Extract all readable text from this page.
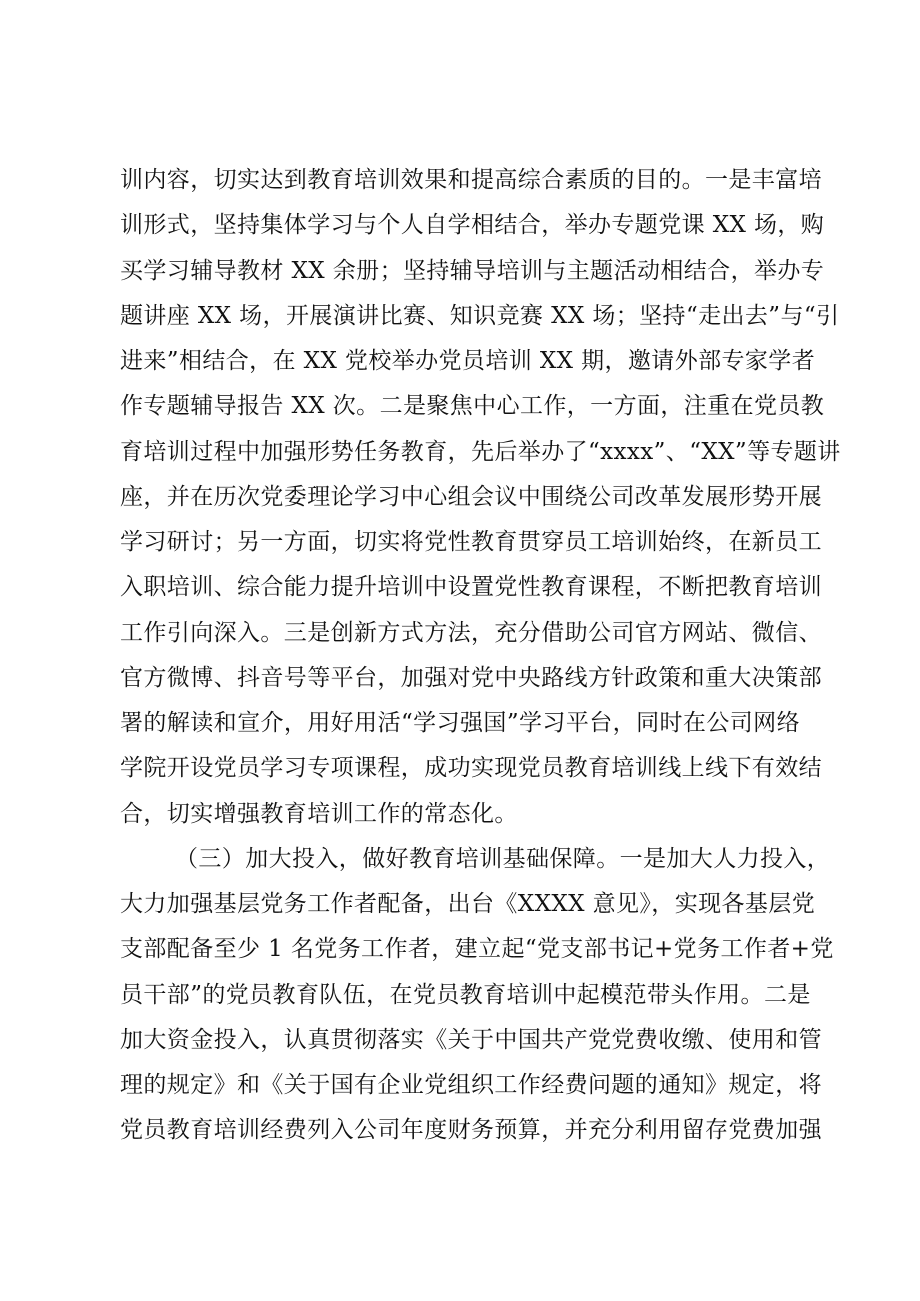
训内容，切实达到教育培训效果和提高综合素质的目的。一是丰富培
训形式，坚持集体学习与个人自学相结合，举办专题党课 XX 场，购
买学习辅导教材 XX 余册；坚持辅导培训与主题活动相结合，举办专
题讲座 XX 场，开展演讲比赛、知识竞赛 XX 场；坚持“走出去”与“引
进来”相结合，在 XX 党校举办党员培训 XX 期，邀请外部专家学者
作专题辅导报告 XX 次。二是聚焦中心工作，一方面，注重在党员教
育培训过程中加强形势任务教育，先后举办了“xxxx”、“XX”等专题讲
座，并在历次党委理论学习中心组会议中围绕公司改革发展形势开展
学习研讨；另一方面，切实将党性教育贯穿员工培训始终，在新员工
入职培训、综合能力提升培训中设置党性教育课程，不断把教育培训
工作引向深入。三是创新方式方法，充分借助公司官方网站、微信、
官方微博、抖音号等平台，加强对党中央路线方针政策和重大决策部
署的解读和宣介，用好用活“学习强国”学习平台，同时在公司网络
学院开设党员学习专项课程，成功实现党员教育培训线上线下有效结
合，切实增强教育培训工作的常态化。
（三）加大投入，做好教育培训基础保障。一是加大人力投入，
大力加强基层党务工作者配备，出台《XXXX 意见》，实现各基层党
支部配备至少 1 名党务工作者，建立起“党支部书记+党务工作者+党
员干部”的党员教育队伍，在党员教育培训中起模范带头作用。二是
加大资金投入，认真贯彻落实《关于中国共产党党费收缴、使用和管
理的规定》和《关于国有企业党组织工作经费问题的通知》规定，将
党员教育培训经费列入公司年度财务预算，并充分利用留存党费加强
